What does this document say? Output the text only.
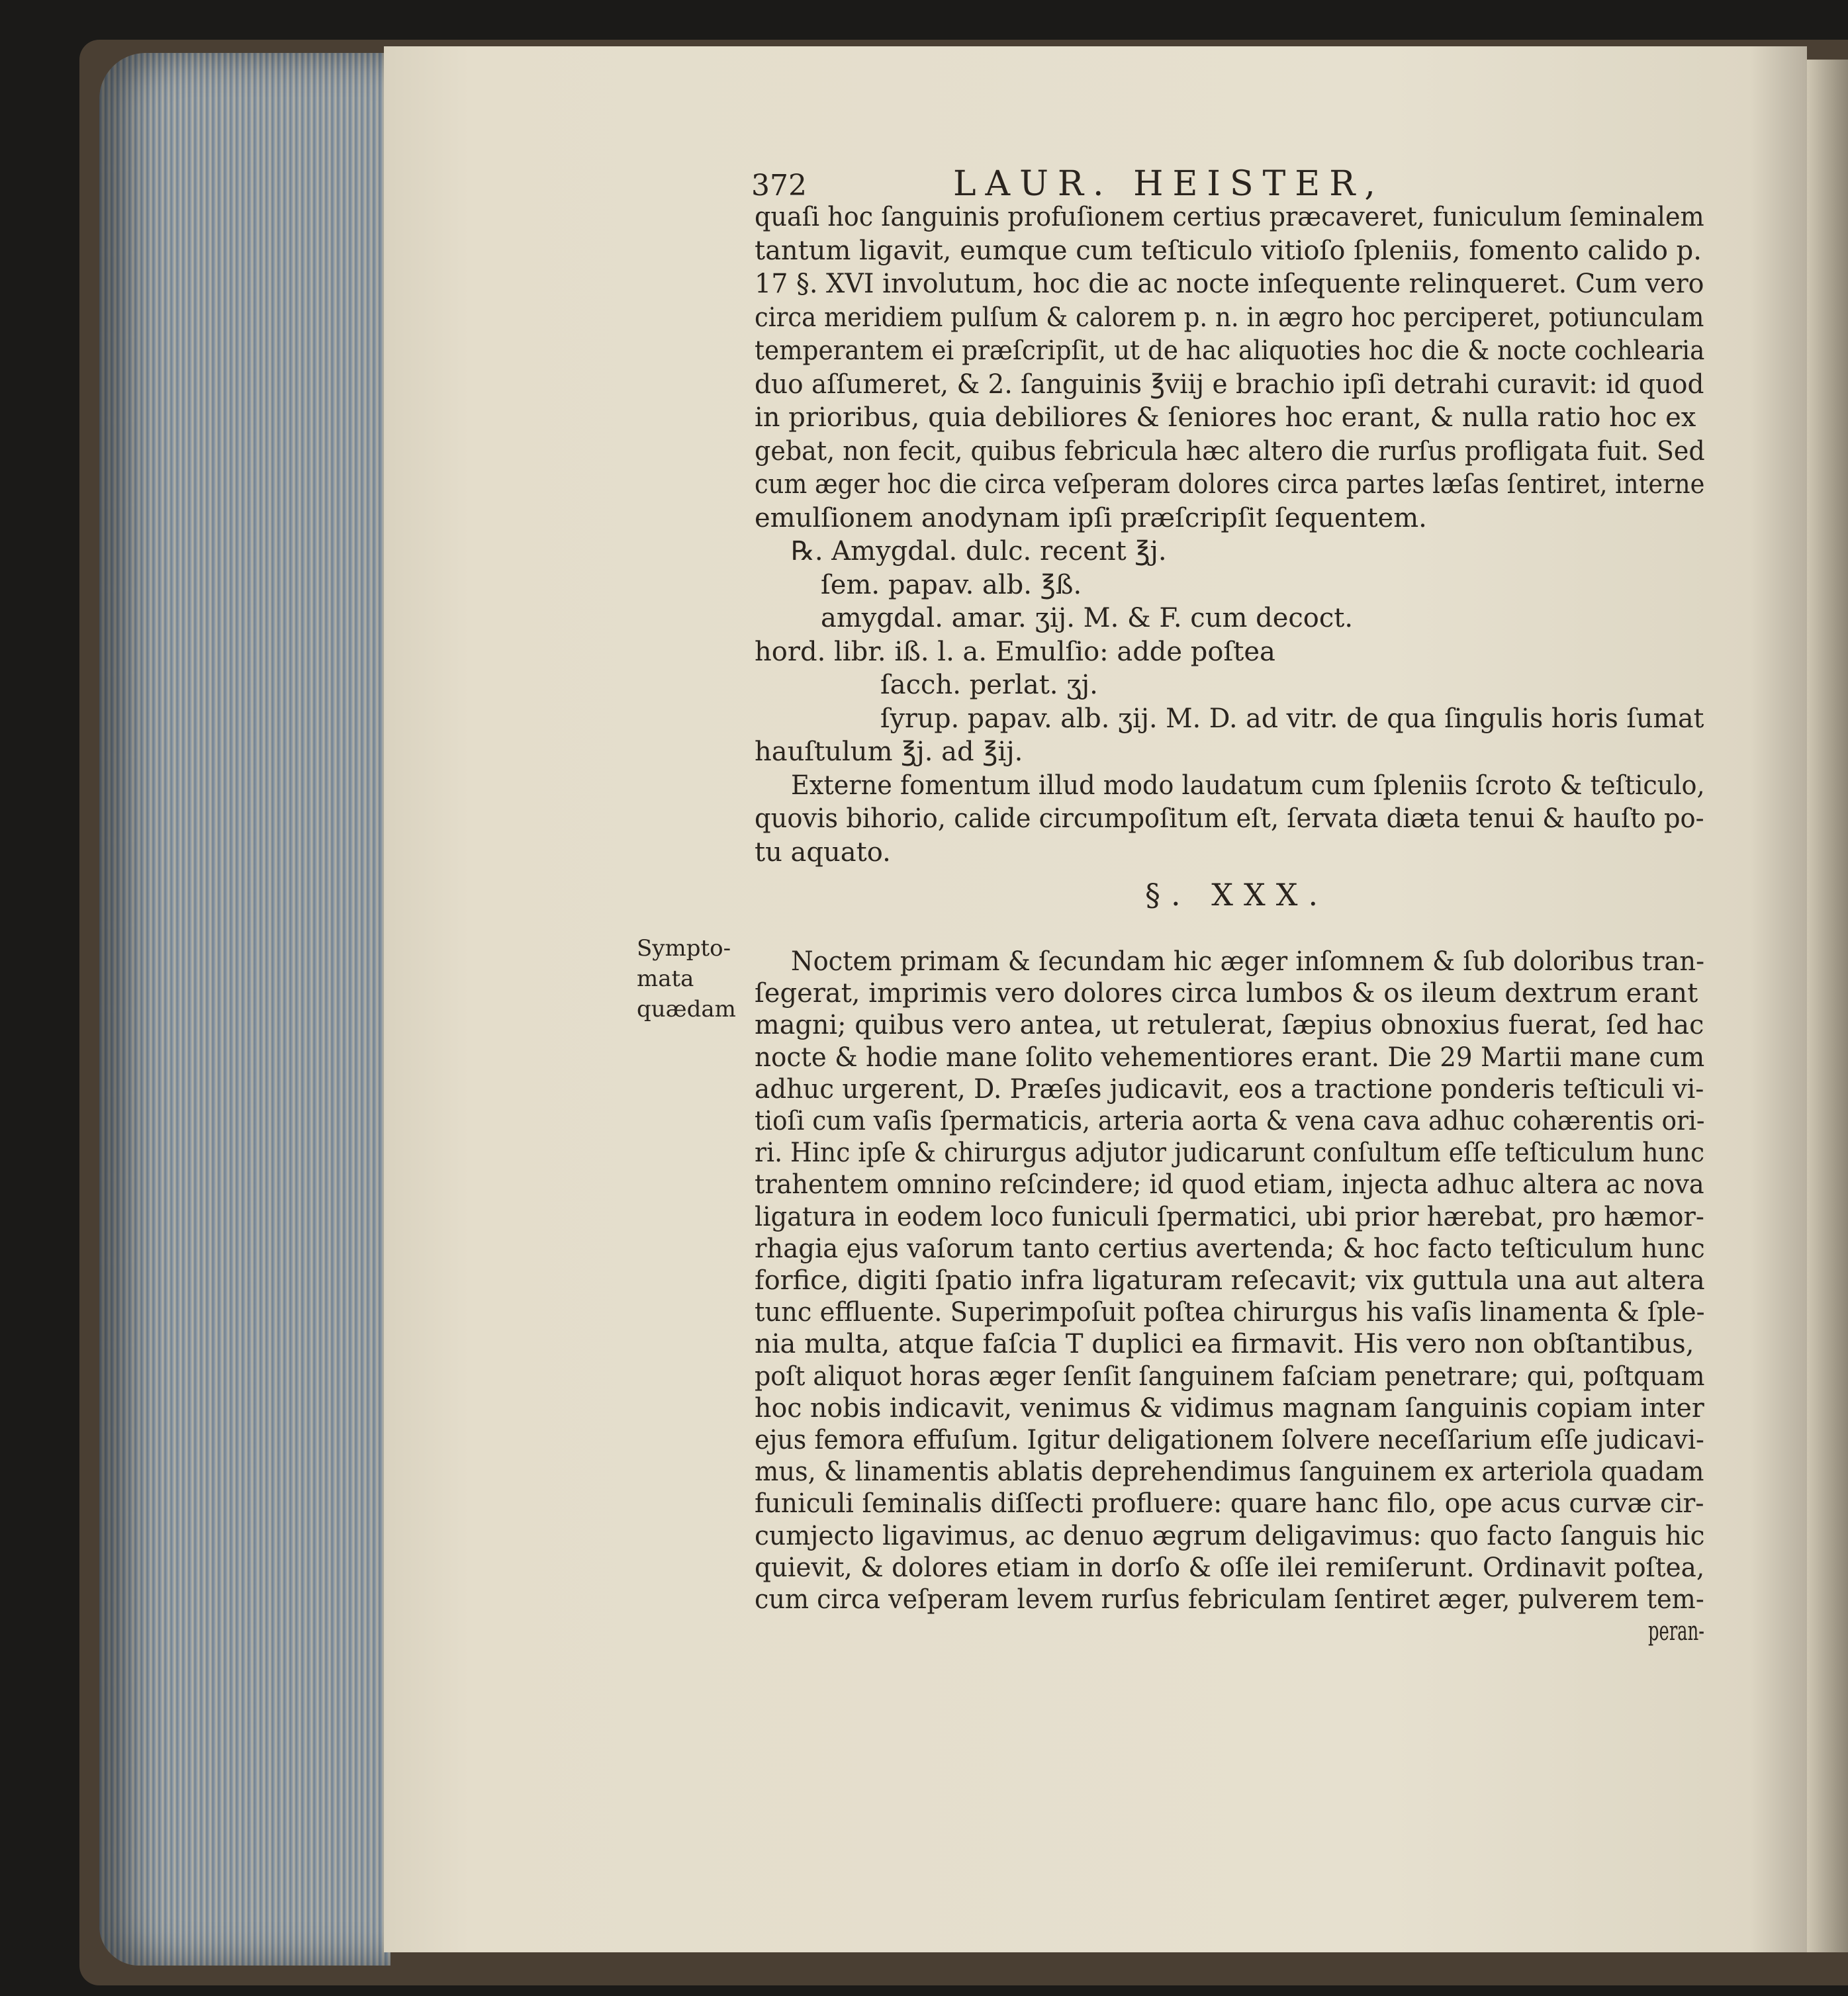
372	LAUR. HEISTER,
§. XXX.
Sympto-
mata
quædam
quaſi hoc ſanguinis profuſionem certius præcaveret, funiculum ſeminalem
tantum ligavit, eumque cum teſticulo vitioſo ſpleniis, fomento calido p.
17 §. XVI involutum, hoc die ac nocte inſequente relinqueret. Cum vero
circa meridiem pulſum & calorem p. n. in ægro hoc perciperet, potiunculam
temperantem ei præſcripſit, ut de hac aliquoties hoc die & nocte cochlearia
duo aſſumeret, & 2. ſanguinis ℥viij e brachio ipſi detrahi curavit: id quod
in prioribus, quia debiliores & ſeniores hoc erant, & nulla ratio hoc ex
gebat, non fecit, quibus febricula hæc altero die rurſus profligata fuit. Sed
cum æger hoc die circa veſperam dolores circa partes læſas ſentiret, interne
emulſionem anodynam ipſi præſcripſit ſequentem.
℞. Amygdal. dulc. recent ℥j.
ſem. papav. alb. ℥ß.
amygdal. amar. ʒij. M. & F. cum decoct.
hord. libr. iß. l. a. Emulſio: adde poſtea
ſacch. perlat. ʒj.
ſyrup. papav. alb. ʒij. M. D. ad vitr. de qua ſingulis horis ſumat
hauſtulum ℥j. ad ℥ij.
Externe fomentum illud modo laudatum cum ſpleniis ſcroto & teſticulo,
quovis bihorio, calide circumpoſitum eſt, ſervata diæta tenui & hauſto po-
tu aquato.
Noctem primam & ſecundam hic æger inſomnem & ſub doloribus tran-
ſegerat, imprimis vero dolores circa lumbos & os ileum dextrum erant
magni; quibus vero antea, ut retulerat, ſæpius obnoxius fuerat, ſed hac
nocte & hodie mane ſolito vehementiores erant. Die 29 Martii mane cum
adhuc urgerent, D. Præſes judicavit, eos a tractione ponderis teſticuli vi-
tioſi cum vaſis ſpermaticis, arteria aorta & vena cava adhuc cohærentis ori-
ri. Hinc ipſe & chirurgus adjutor judicarunt conſultum eſſe teſticulum hunc
trahentem omnino reſcindere; id quod etiam, injecta adhuc altera ac nova
ligatura in eodem loco funiculi ſpermatici, ubi prior hærebat, pro hæmor-
rhagia ejus vaſorum tanto certius avertenda; & hoc facto teſticulum hunc
forfice, digiti ſpatio infra ligaturam reſecavit; vix guttula una aut altera
tunc effluente. Superimpoſuit poſtea chirurgus his vaſis linamenta & ſple-
nia multa, atque faſcia T duplici ea firmavit. His vero non obſtantibus,
poſt aliquot horas æger ſenſit ſanguinem faſciam penetrare; qui, poſtquam
hoc nobis indicavit, venimus & vidimus magnam ſanguinis copiam inter
ejus femora effuſum. Igitur deligationem ſolvere neceſſarium eſſe judicavi-
mus, & linamentis ablatis deprehendimus ſanguinem ex arteriola quadam
funiculi ſeminalis diſſecti profluere: quare hanc filo, ope acus curvæ cir-
cumjecto ligavimus, ac denuo ægrum deligavimus: quo facto ſanguis hic
quievit, & dolores etiam in dorſo & oſſe ilei remiſerunt. Ordinavit poſtea,
cum circa veſperam levem rurſus febriculam ſentiret æger, pulverem tem-
peran-
